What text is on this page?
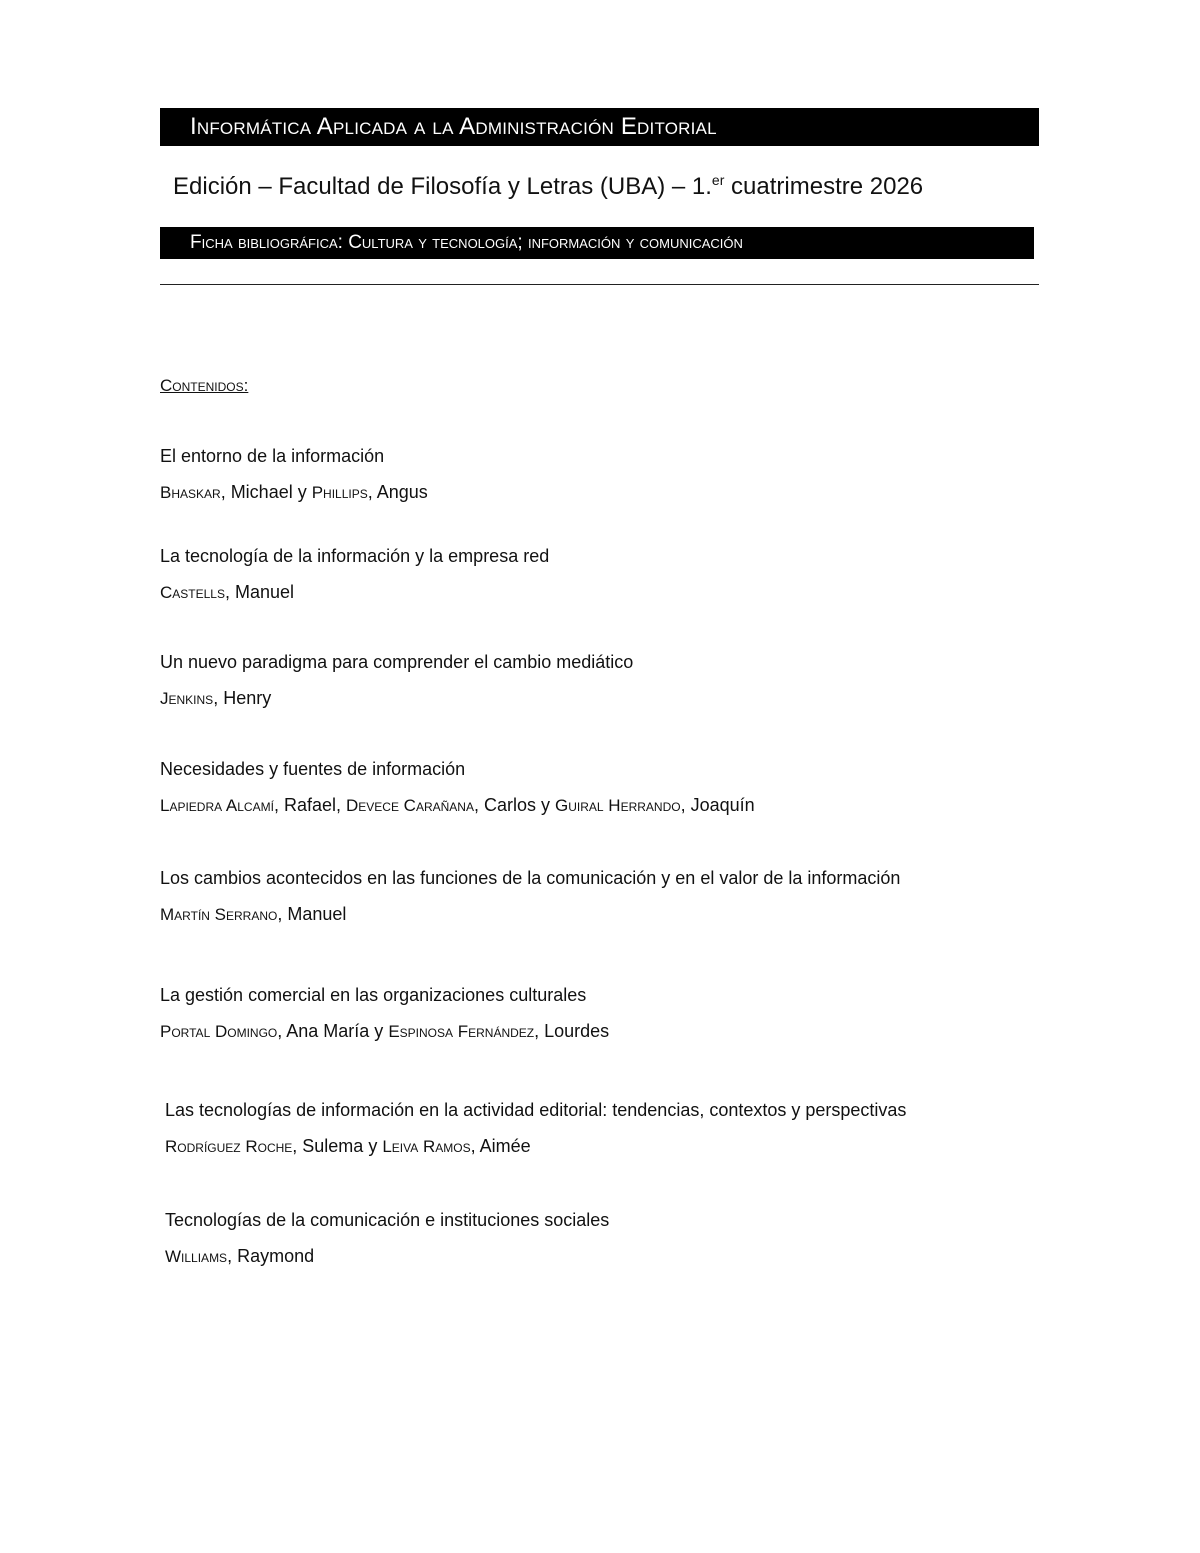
Informática Aplicada a la Administración Editorial
Edición – Facultad de Filosofía y Letras (UBA) – 1.$^{er}$ cuatrimestre 2026
Ficha bibliográfica: Cultura y tecnología; información y comunicación
Contenidos:
El entorno de la información
Bhaskar, Michael y Phillips, Angus
La tecnología de la información y la empresa red
Castells, Manuel
Un nuevo paradigma para comprender el cambio mediático
Jenkins, Henry
Necesidades y fuentes de información
Lapiedra Alcamí, Rafael, Devece Carañana, Carlos y Guiral Herrando, Joaquín
Los cambios acontecidos en las funciones de la comunicación y en el valor de la información
Martín Serrano, Manuel
La gestión comercial en las organizaciones culturales
Portal Domingo, Ana María y Espinosa Fernández, Lourdes
Las tecnologías de información en la actividad editorial: tendencias, contextos y perspectivas
Rodríguez Roche, Sulema y Leiva Ramos, Aimée
Tecnologías de la comunicación e instituciones sociales
Williams, Raymond
